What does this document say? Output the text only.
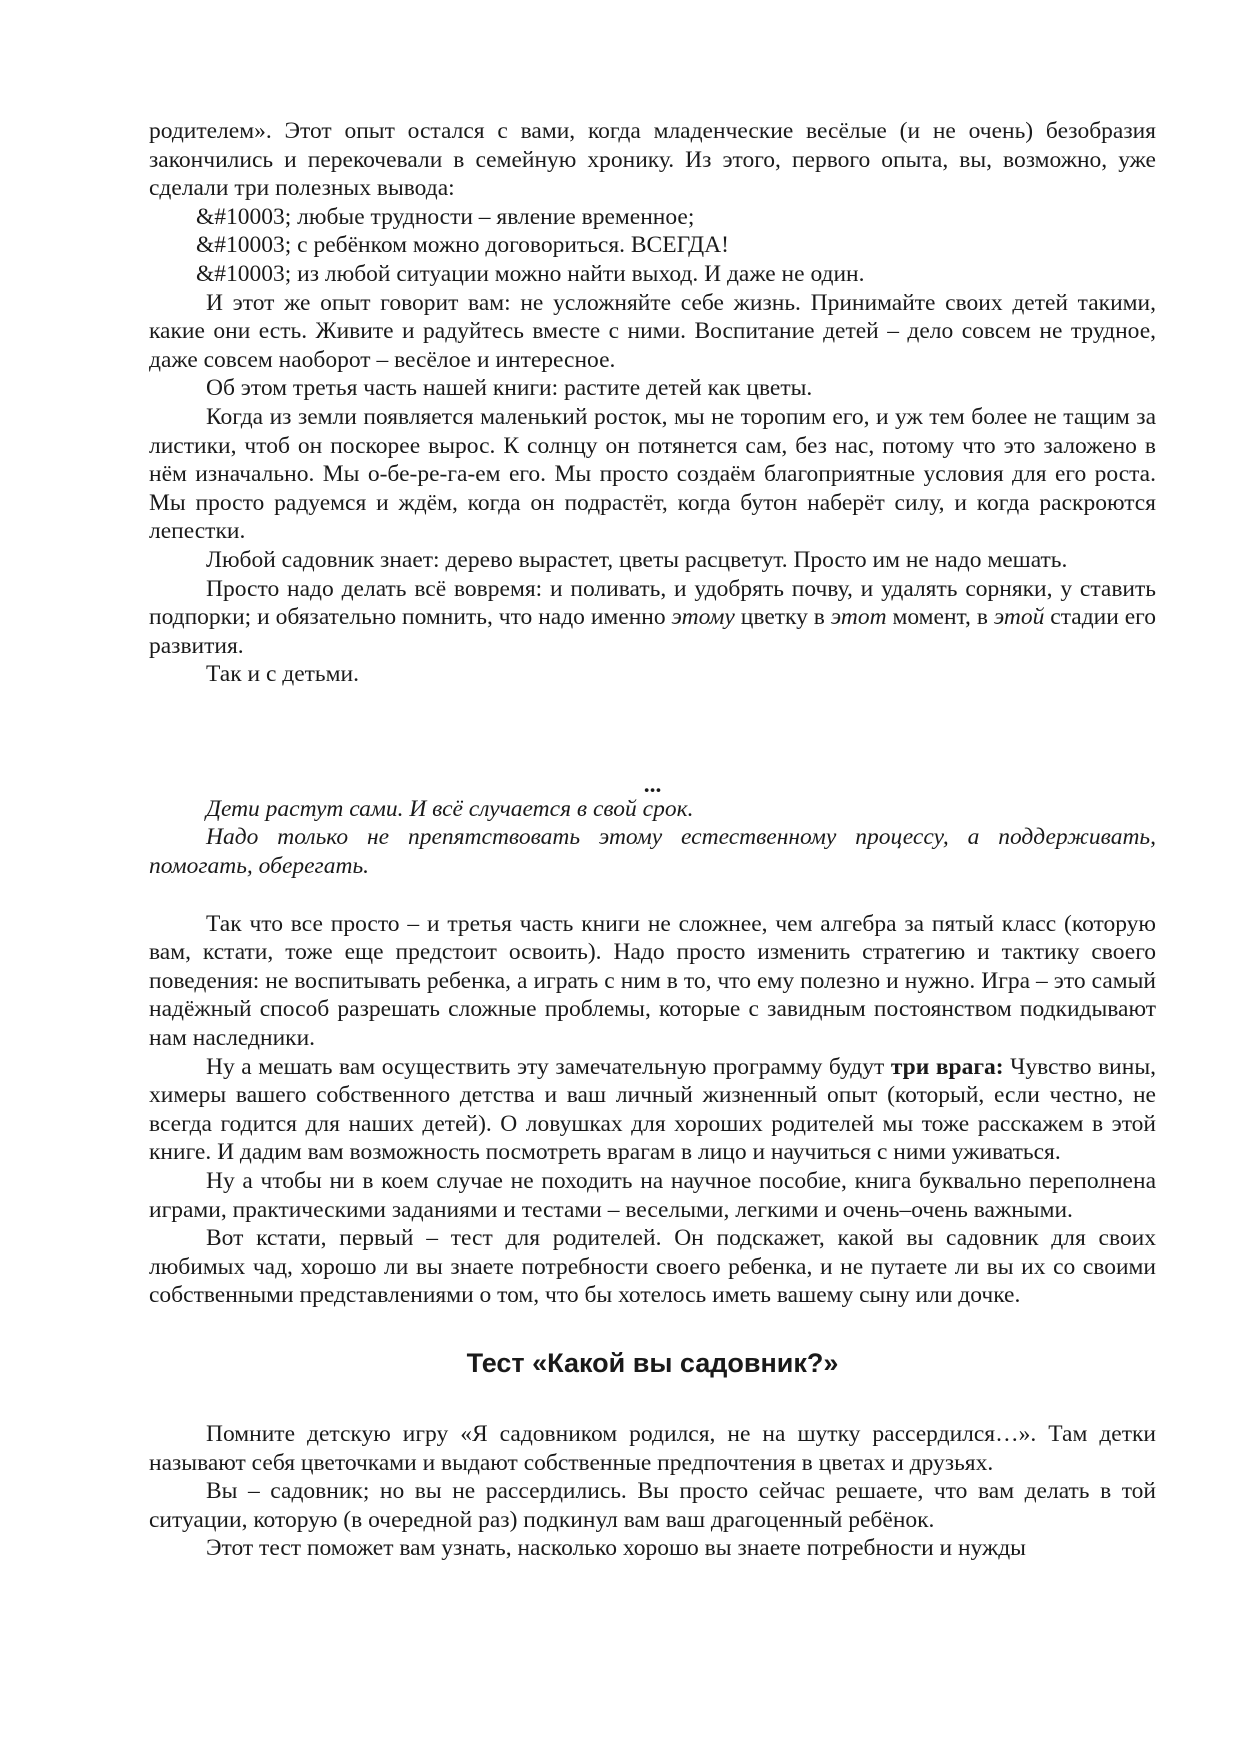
родителем». Этот опыт остался с вами, когда младенческие весёлые (и не очень) безобразия закончились и перекочевали в семейную хронику. Из этого, первого опыта, вы, возможно, уже сделали три полезных вывода:

&#10003; любые трудности – явление временное;

&#10003; с ребёнком можно договориться. ВСЕГДА!

&#10003; из любой ситуации можно найти выход. И даже не один.

И этот же опыт говорит вам: не усложняйте себе жизнь. Принимайте своих детей такими, какие они есть. Живите и радуйтесь вместе с ними. Воспитание детей – дело совсем не трудное, даже совсем наоборот – весёлое и интересное.

Об этом третья часть нашей книги: растите детей как цветы.

Когда из земли появляется маленький росток, мы не торопим его, и уж тем более не тащим за листики, чтоб он поскорее вырос. К солнцу он потянется сам, без нас, потому что это заложено в нём изначально. Мы о-бе-ре-га-ем его. Мы просто создаём благоприятные условия для его роста. Мы просто радуемся и ждём, когда он подрастёт, когда бутон наберёт силу, и когда раскроются лепестки.

Любой садовник знает: дерево вырастет, цветы расцветут. Просто им не надо мешать.

Просто надо делать всё вовремя: и поливать, и удобрять почву, и удалять сорняки, у ставить подпорки; и обязательно помнить, что надо именно этому цветку в этот момент, в этой стадии его развития.

Так и с детьми.

...

Дети растут сами. И всё случается в свой срок.

Надо только не препятствовать этому естественному процессу, а поддерживать, помогать, оберегать.

Так что все просто – и третья часть книги не сложнее, чем алгебра за пятый класс (которую вам, кстати, тоже еще предстоит освоить). Надо просто изменить стратегию и тактику своего поведения: не воспитывать ребенка, а играть с ним в то, что ему полезно и нужно. Игра – это самый надёжный способ разрешать сложные проблемы, которые с завидным постоянством подкидывают нам наследники.

Ну а мешать вам осуществить эту замечательную программу будут три врага: Чувство вины, химеры вашего собственного детства и ваш личный жизненный опыт (который, если честно, не всегда годится для наших детей). О ловушках для хороших родителей мы тоже расскажем в этой книге. И дадим вам возможность посмотреть врагам в лицо и научиться с ними уживаться.

Ну а чтобы ни в коем случае не походить на научное пособие, книга буквально переполнена играми, практическими заданиями и тестами – веселыми, легкими и очень–очень важными.

Вот кстати, первый – тест для родителей. Он подскажет, какой вы садовник для своих любимых чад, хорошо ли вы знаете потребности своего ребенка, и не путаете ли вы их со своими собственными представлениями о том, что бы хотелось иметь вашему сыну или дочке.

Тест «Какой вы садовник?»

Помните детскую игру «Я садовником родился, не на шутку рассердился…». Там детки называют себя цветочками и выдают собственные предпочтения в цветах и друзьях.

Вы – садовник; но вы не рассердились. Вы просто сейчас решаете, что вам делать в той ситуации, которую (в очередной раз) подкинул вам ваш драгоценный ребёнок.

Этот тест поможет вам узнать, насколько хорошо вы знаете потребности и нужды
